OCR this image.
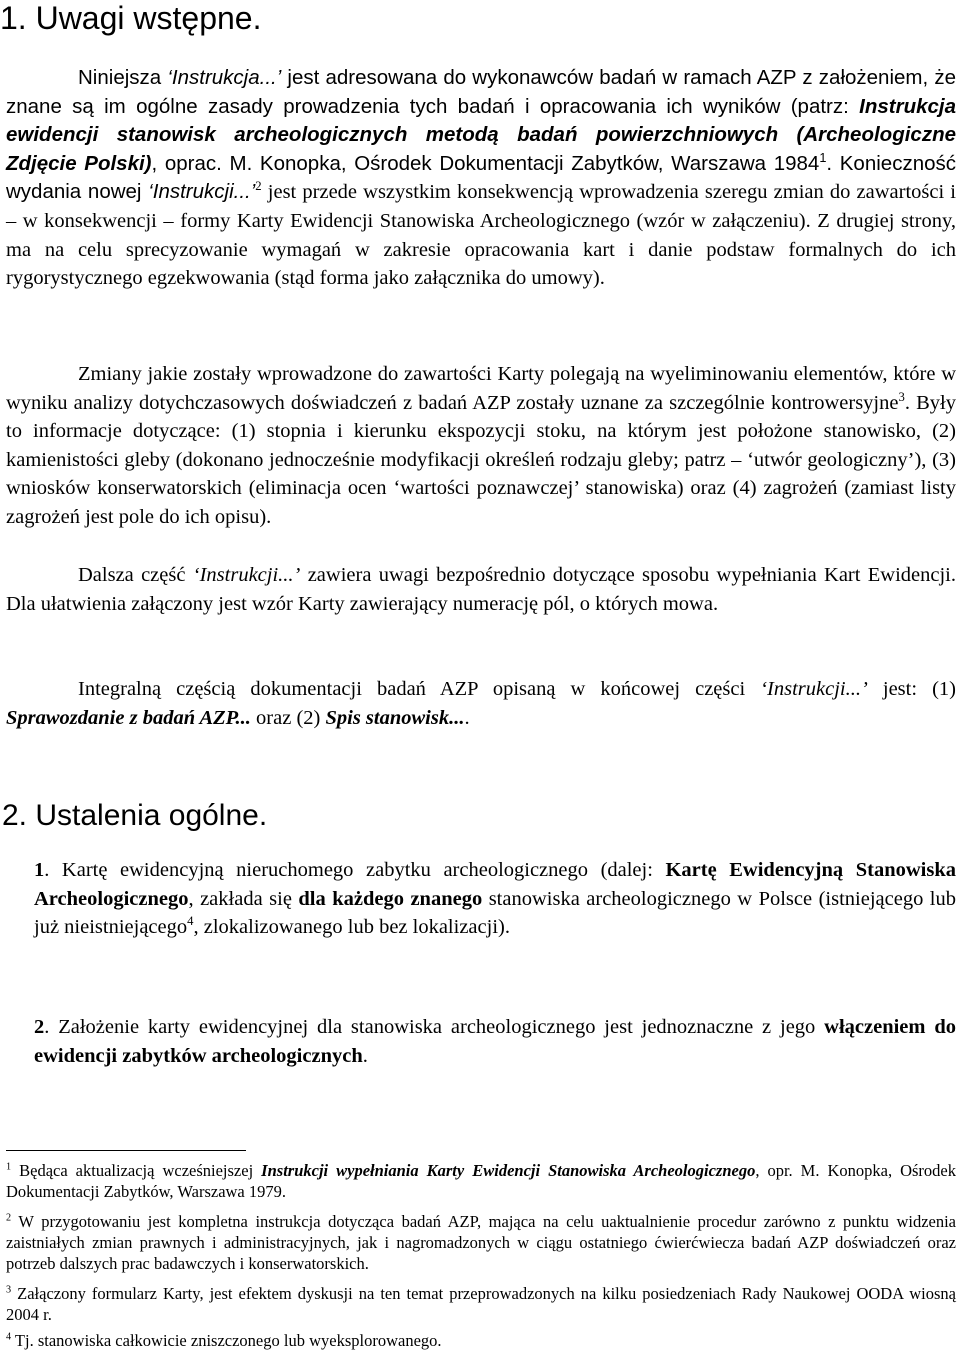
1. Uwagi wstępne.

Niniejsza ‘Instrukcja...’ jest adresowana do wykonawców badań w ramach AZP z założeniem, że znane są im ogólne zasady prowadzenia tych badań i opracowania ich wyników (patrz: Instrukcja ewidencji stanowisk archeologicznych metodą badań powierzchniowych (Archeologiczne Zdjęcie Polski), oprac. M. Konopka, Ośrodek Dokumentacji Zabytków, Warszawa 1984$^1$. Konieczność wydania nowej ‘Instrukcji...’$^2$ jest przede wszystkim konsekwencją wprowadzenia szeregu zmian do zawartości i – w konsekwencji – formy Karty Ewidencji Stanowiska Archeologicznego (wzór w załączeniu). Z drugiej strony, ma na celu sprecyzowanie wymagań w zakresie opracowania kart i danie podstaw formalnych do ich rygorystycznego egzekwowania (stąd forma jako załącznika do umowy).

Zmiany jakie zostały wprowadzone do zawartości Karty polegają na wyeliminowaniu elementów, które w wyniku analizy dotychczasowych doświadczeń z badań AZP zostały uznane za szczególnie kontrowersyjne$^3$. Były to informacje dotyczące: (1) stopnia i kierunku ekspozycji stoku, na którym jest położone stanowisko, (2) kamienistości gleby (dokonano jednocześnie modyfikacji określeń rodzaju gleby; patrz – ‘utwór geologiczny’), (3) wniosków konserwatorskich (eliminacja ocen ‘wartości poznawczej’ stanowiska) oraz (4) zagrożeń (zamiast listy zagrożeń jest pole do ich opisu).

Dalsza część ‘Instrukcji...’ zawiera uwagi bezpośrednio dotyczące sposobu wypełniania Kart Ewidencji. Dla ułatwienia załączony jest wzór Karty zawierający numerację pól, o których mowa.

Integralną częścią dokumentacji badań AZP opisaną w końcowej części ‘Instrukcji...’ jest: (1) Sprawozdanie z badań AZP... oraz (2) Spis stanowisk....

2. Ustalenia ogólne.

1. Kartę ewidencyjną nieruchomego zabytku archeologicznego (dalej: Kartę Ewidencyjną Stanowiska Archeologicznego, zakłada się dla każdego znanego stanowiska archeologicznego w Polsce (istniejącego lub już nieistniejącego$^4$, zlokalizowanego lub bez lokalizacji).

2. Założenie karty ewidencyjnej dla stanowiska archeologicznego jest jednoznaczne z jego włączeniem do ewidencji zabytków archeologicznych.

$^1$ Będąca aktualizacją wcześniejszej Instrukcji wypełniania Karty Ewidencji Stanowiska Archeologicznego, opr. M. Konopka, Ośrodek Dokumentacji Zabytków, Warszawa 1979.

$^2$ W przygotowaniu jest kompletna instrukcja dotycząca badań AZP, mająca na celu uaktualnienie procedur zarówno z punktu widzenia zaistniałych zmian prawnych i administracyjnych, jak i nagromadzonych w ciągu ostatniego ćwierćwiecza badań AZP doświadczeń oraz potrzeb dalszych prac badawczych i konserwatorskich.

$^3$ Załączony formularz Karty, jest efektem dyskusji na ten temat przeprowadzonych na kilku posiedzeniach Rady Naukowej OODA wiosną 2004 r.

$^4$ Tj. stanowiska całkowicie zniszczonego lub wyeksplorowanego.
